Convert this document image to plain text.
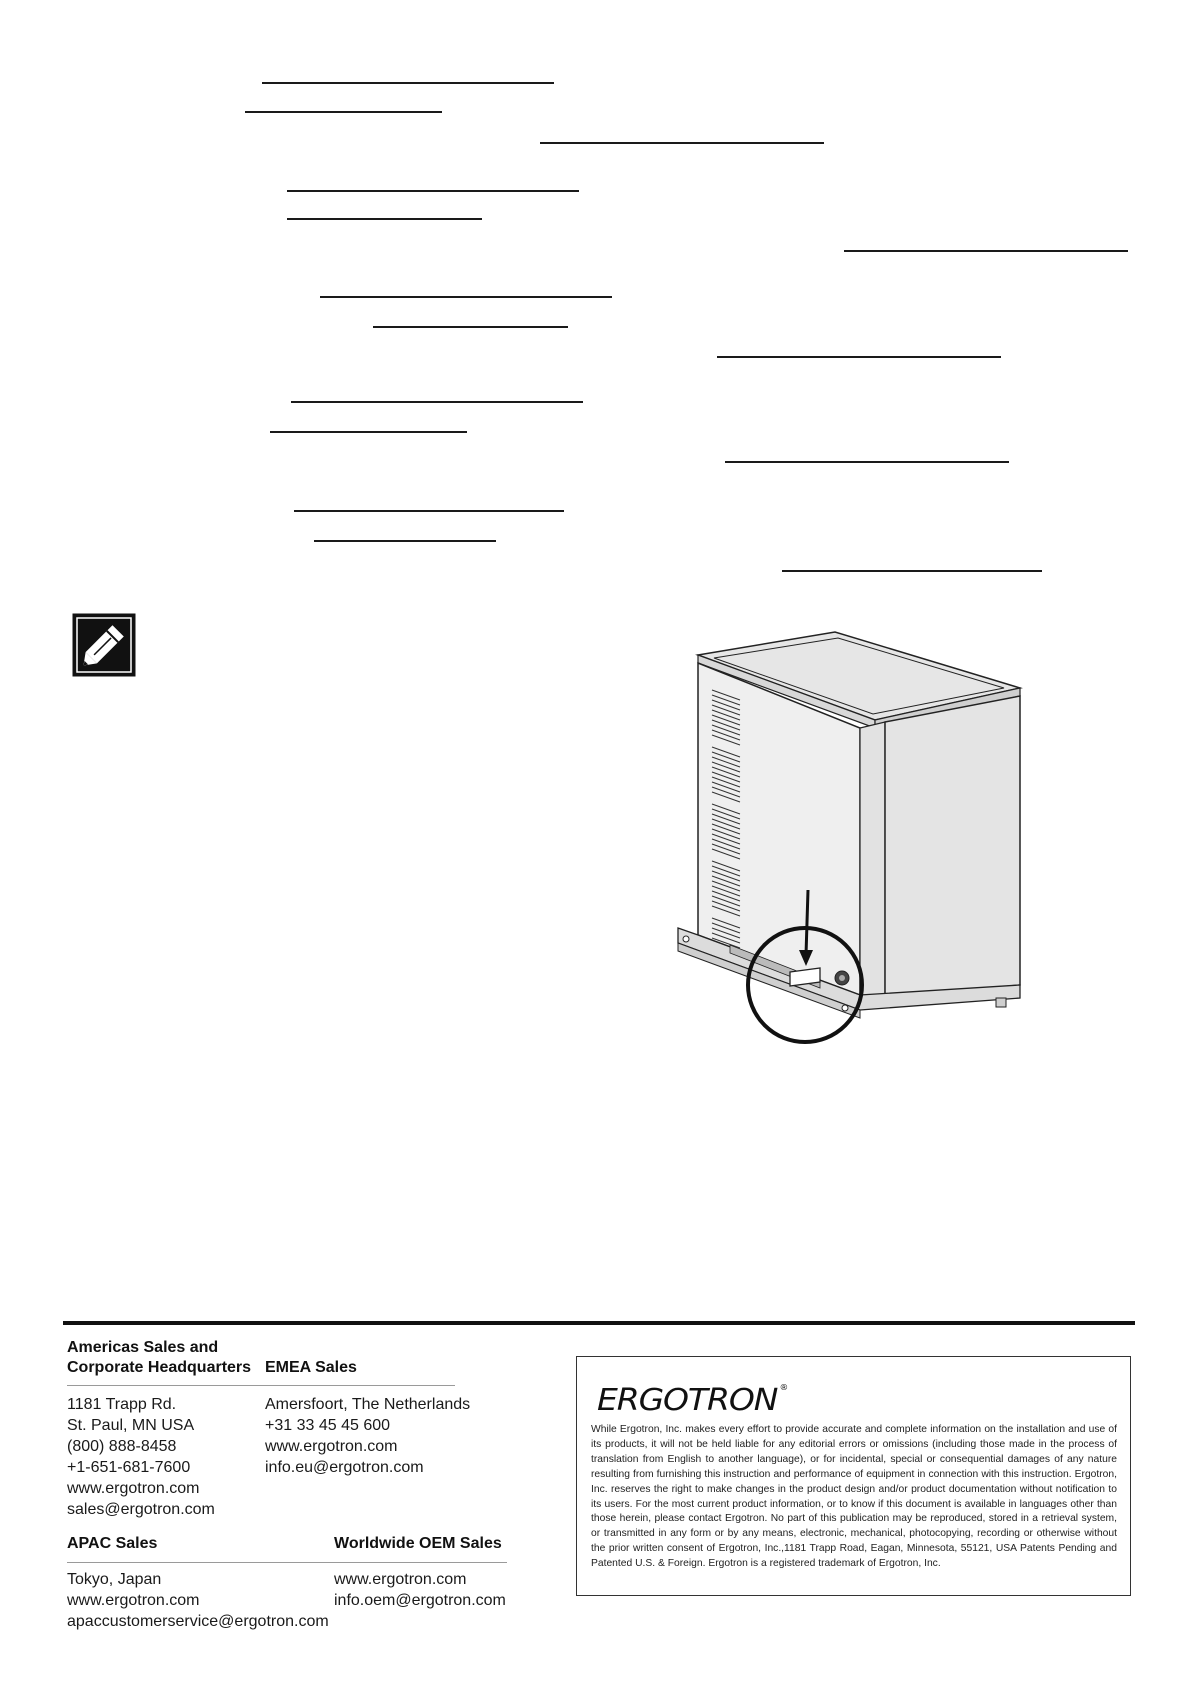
Americas Sales and
Corporate Headquarters
1181 Trapp Rd.
St. Paul, MN USA
(800) 888-8458
+1-651-681-7600
www.ergotron.com
sales@ergotron.com
EMEA Sales
Amersfoort, The Netherlands
+31 33 45 45 600
www.ergotron.com
info.eu@ergotron.com
APAC Sales
Tokyo, Japan
www.ergotron.com
apaccustomerservice@ergotron.com
Worldwide OEM Sales
www.ergotron.com
info.oem@ergotron.com
ERGOTRON ®
While Ergotron, Inc. makes every effort to provide accurate and complete information on the installation and use of its products, it will not be held liable for any editorial errors or omissions (including those made in the process of translation from English to another language), or for incidental, special or consequential damages of any nature resulting from furnishing this instruction and performance of equipment in connection with this instruction. Ergotron, Inc. reserves the right to make changes in the product design and/or product documentation without notification to its users. For the most current product information, or to know if this document is available in languages other than those herein, please contact Ergotron. No part of this publication may be reproduced, stored in a retrieval system, or transmitted in any form or by any means, electronic, mechanical, photocopying, recording or otherwise without the prior written consent of Ergotron, Inc.,1181 Trapp Road, Eagan, Minnesota, 55121, USA Patents Pending and Patented U.S. & Foreign. Ergotron is a registered trademark of Ergotron, Inc.
